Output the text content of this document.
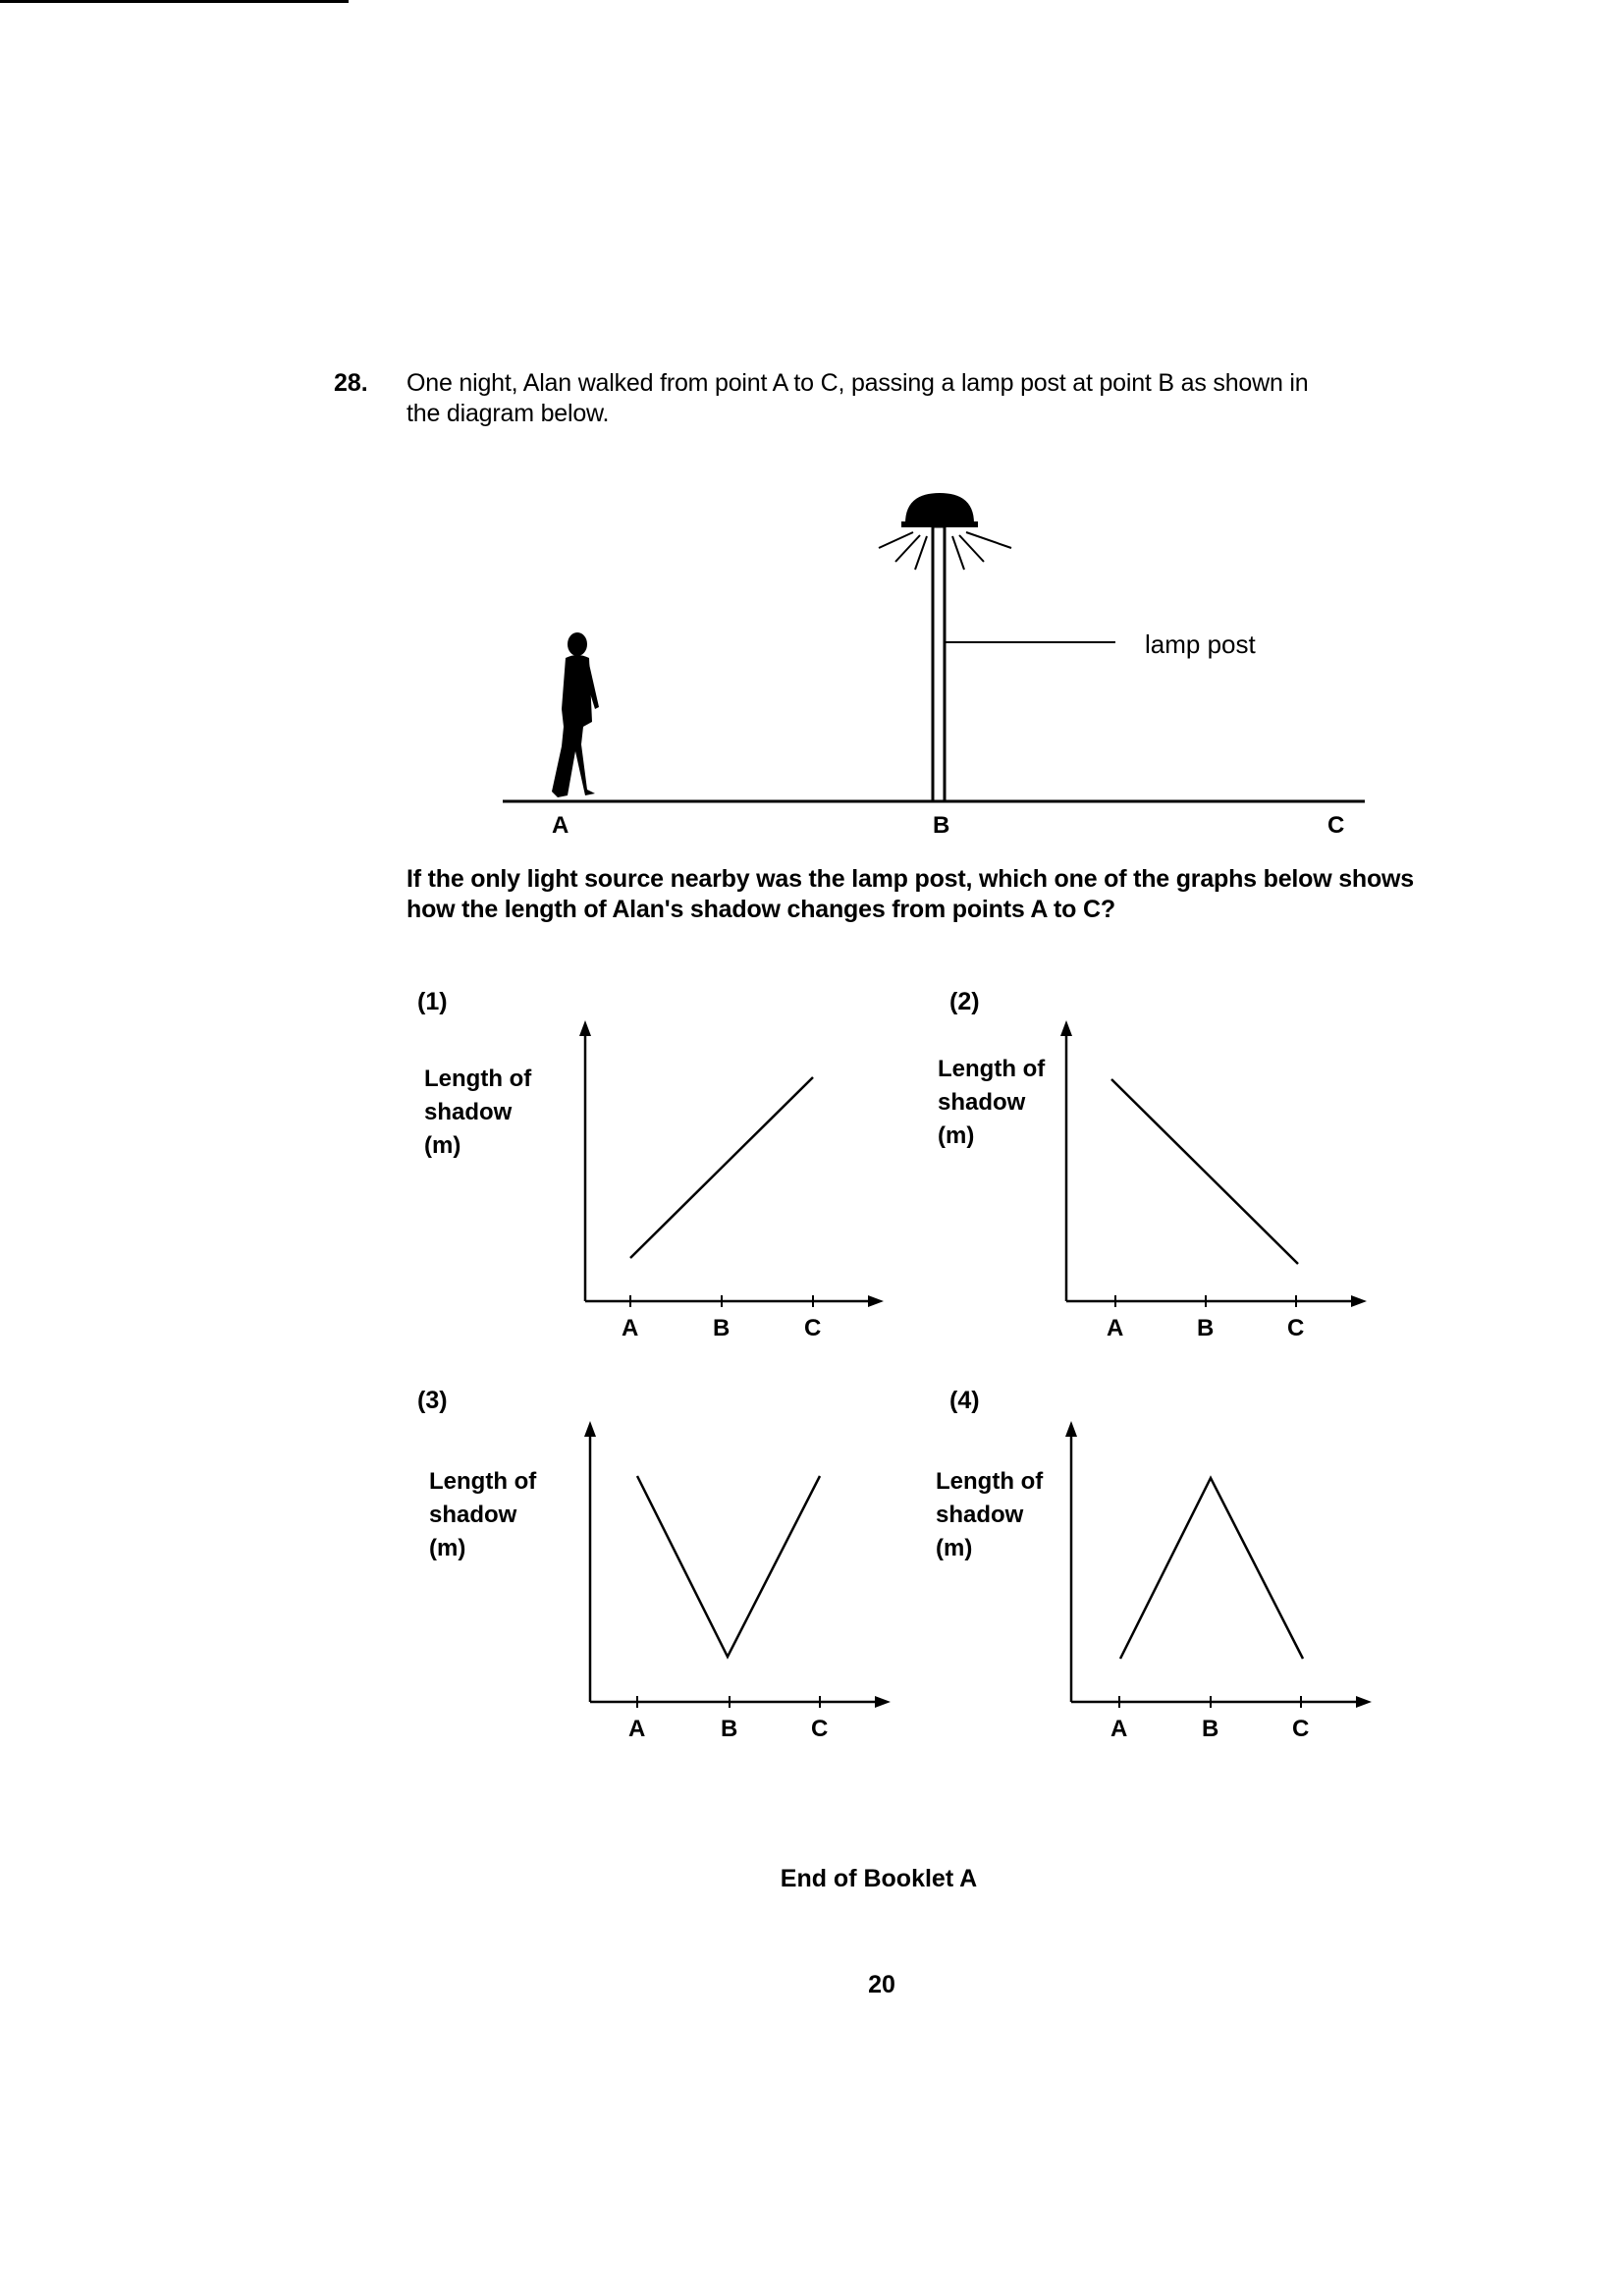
28. One night, Alan walked from point A to C, passing a lamp post at point B as shown in
the diagram below.
A	B	C
lamp post
If the only light source nearby was the lamp post, which one of the graphs below shows
how the length of Alan's shadow changes from points A to C?
(1)
Length of
shadow
(m)
A	B	C
(2)
Length of
shadow
(m)
A	B	C
(3)
Length of
shadow
(m)
A	B	C
(4)
Length of
shadow
(m)
A	B	C
End of Booklet A
20
